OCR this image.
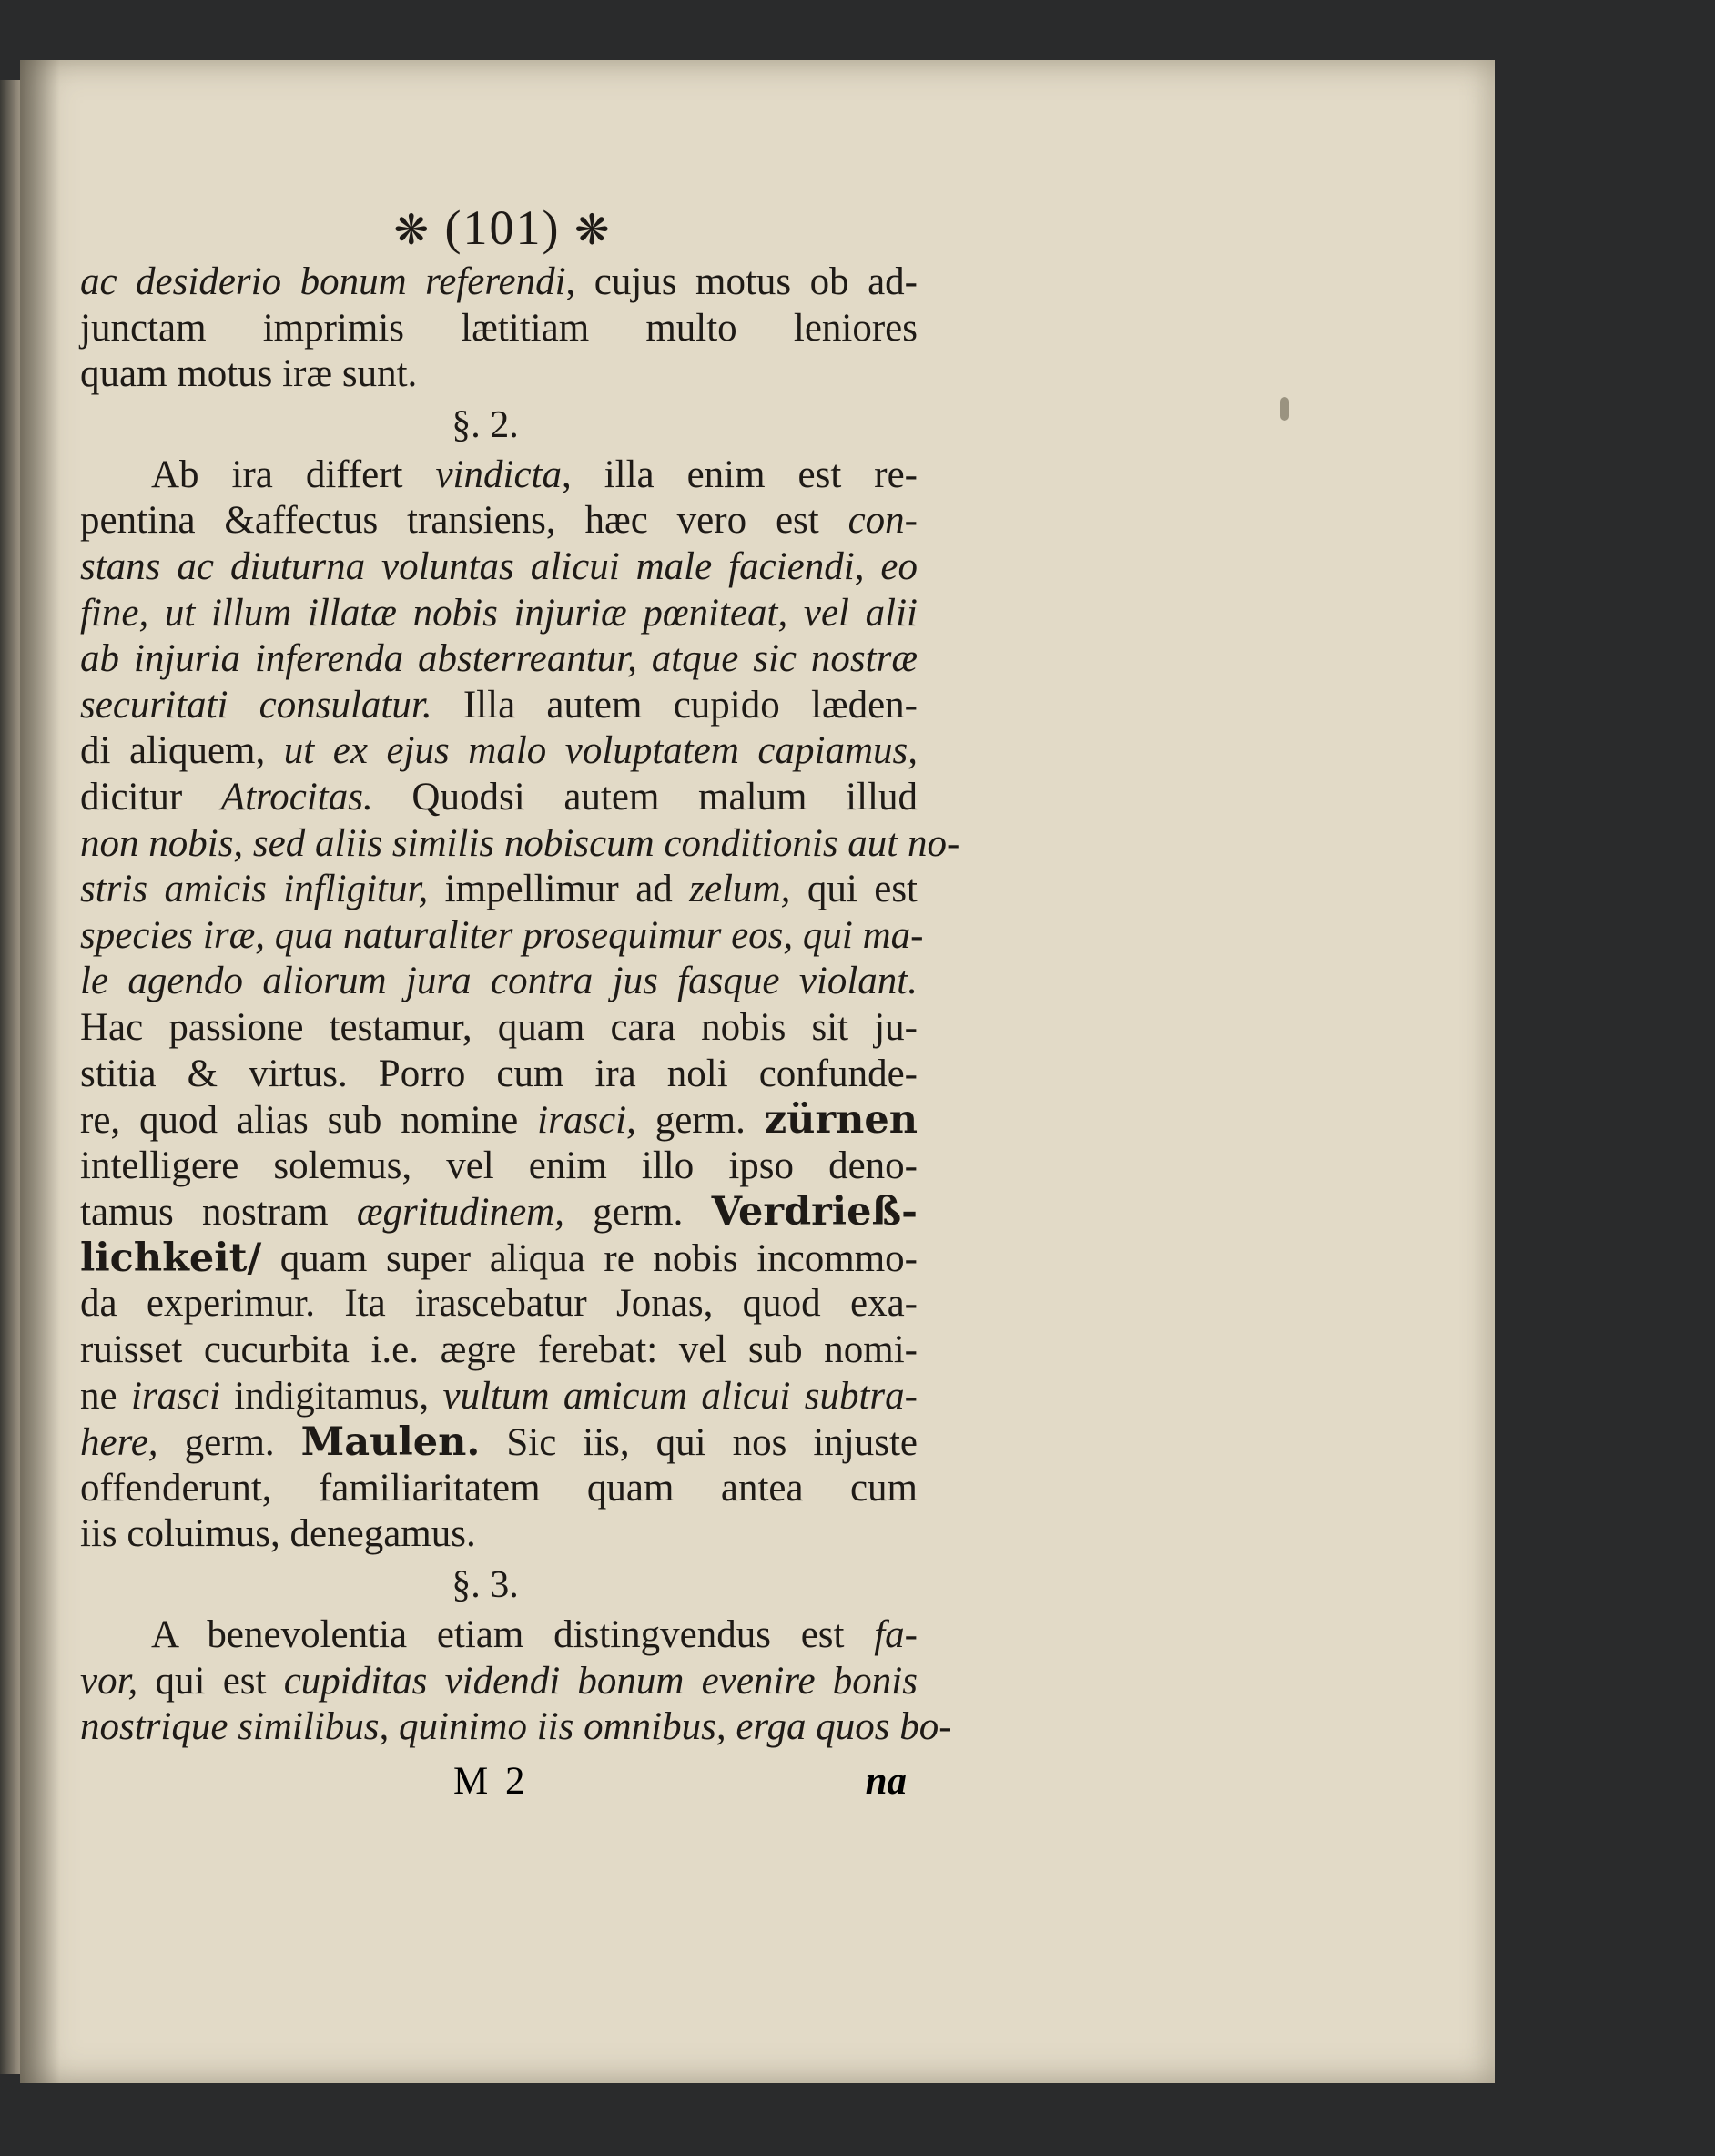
❋ (101) ❋
ac desiderio bonum referendi, cujus motus ob ad-
junctam imprimis lætitiam multo leniores
quam motus iræ sunt.
§. 2.
Ab ira differt vindicta, illa enim est re-
pentina &affectus transiens, hæc vero est con-
stans ac diuturna voluntas alicui male faciendi, eo
fine, ut illum illatæ nobis injuriæ pœniteat, vel alii
ab injuria inferenda absterreantur, atque sic nostræ
securitati consulatur. Illa autem cupido læden-
di aliquem, ut ex ejus malo voluptatem capiamus,
dicitur Atrocitas. Quodsi autem malum illud
non nobis, sed aliis similis nobiscum conditionis aut no-
stris amicis infligitur, impellimur ad zelum, qui est
species iræ, qua naturaliter prosequimur eos, qui ma-
le agendo aliorum jura contra jus fasque violant.
Hac passione testamur, quam cara nobis sit ju-
stitia & virtus. Porro cum ira noli confunde-
re, quod alias sub nomine irasci, germ. zürnen
intelligere solemus, vel enim illo ipso deno-
tamus nostram ægritudinem, germ. Verdrieß-
lichkeit/ quam super aliqua re nobis incommo-
da experimur. Ita irascebatur Jonas, quod exa-
ruisset cucurbita i.e. ægre ferebat: vel sub nomi-
ne irasci indigitamus, vultum amicum alicui subtra-
here, germ. Maulen. Sic iis, qui nos injuste
offenderunt, familiaritatem quam antea cum
iis coluimus, denegamus.
§. 3.
A benevolentia etiam distingvendus est fa-
vor, qui est cupiditas videndi bonum evenire bonis
nostrique similibus, quinimo iis omnibus, erga quos bo-
M 2	na
